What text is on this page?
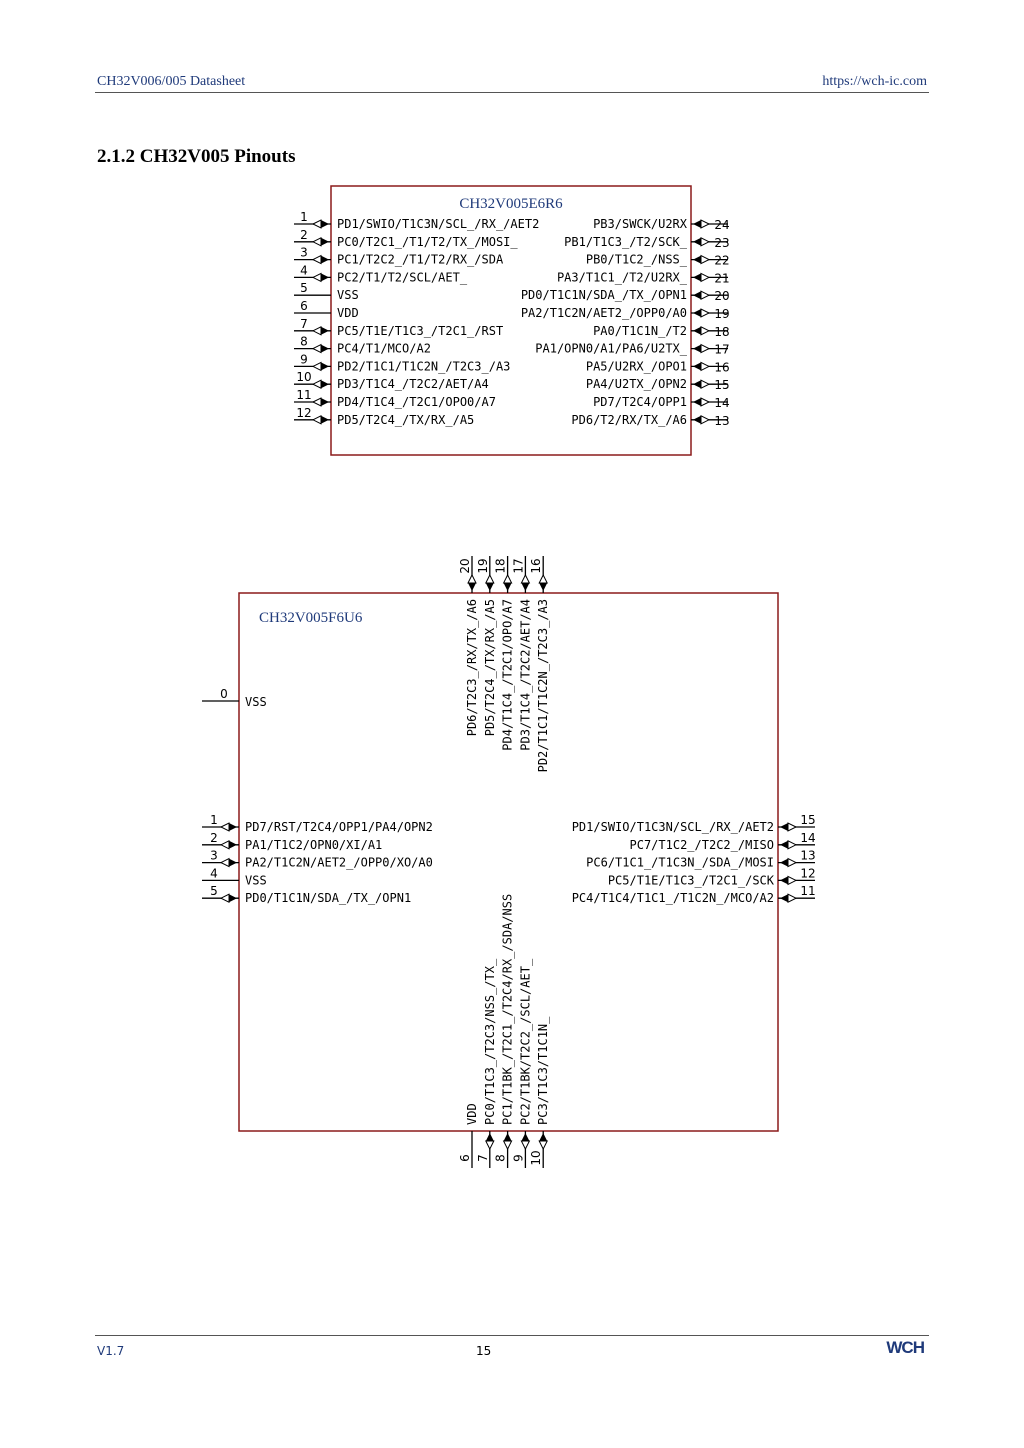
CH32V006/005 Datasheet	https://wch-ic.com
2.1.2 CH32V005 Pinouts
CH32V005E6R6
1 PD1/SWIO/T1C3N/SCL_/RX_/AET2
2 PC0/T2C1_/T1/T2/TX_/MOSI_
3 PC1/T2C2_/T1/T2/RX_/SDA
4 PC2/T1/T2/SCL/AET_
5 VSS
6 VDD
7 PC5/T1E/T1C3_/T2C1_/RST
8 PC4/T1/MCO/A2
9 PD2/T1C1/T1C2N_/T2C3_/A3
10 PD3/T1C4_/T2C2/AET/A4
11 PD4/T1C4_/T2C1/OPO0/A7
12 PD5/T2C4_/TX/RX_/A5
24
PB3/SWCK/U2RX
23
PB1/T1C3_/T2/SCK_
22
PB0/T1C2_/NSS_
21
PA3/T1C1_/T2/U2RX_
20
PD0/T1C1N/SDA_/TX_/OPN1
19
PA2/T1C2N/AET2_/OPP0/A0
18
PA0/T1C1N_/T2
17
PA1/OPN0/A1/PA6/U2TX_
16
PA5/U2RX_/OPO1
15
PA4/U2TX_/OPN2
14
PD7/T2C4/OPP1
13
PD6/T2/RX/TX_/A6
CH32V005F6U6
0
VSS
1 PD7/RST/T2C4/OPP1/PA4/OPN2
2 PA1/T1C2/OPN0/XI/A1
3 PA2/T1C2N/AET2_/OPP0/XO/A0
4 VSS
5 PD0/T1C1N/SDA_/TX_/OPN1
15
PD1/SWIO/T1C3N/SCL_/RX_/AET2
14
PC7/T1C2_/T2C2_/MISO
13
PC6/T1C1_/T1C3N_/SDA_/MOSI
12
PC5/T1E/T1C3_/T2C1_/SCK
11
PC4/T1C4/T1C1_/T1C2N_/MCO/A2
20
PD6/T2C3_/RX/TX_/A6
19
PD5/T2C4_/TX/RX_/A5
18
PD4/T1C4_/T2C1/OPO/A7
17
PD3/T1C4_/T2C2/AET/A4
16
PD2/T1C1/T1C2N_/T2C3_/A3
6
VDD
7
PC0/T1C3_/T2C3/NSS_/TX_
8
PC1/T1BK_/T2C1_/T2C4/RX_/SDA/NSS
9
PC2/T1BK/T2C2_/SCL/AET_
10
PC3/T1C3/T1C1N_
V1.7	15	WCH
